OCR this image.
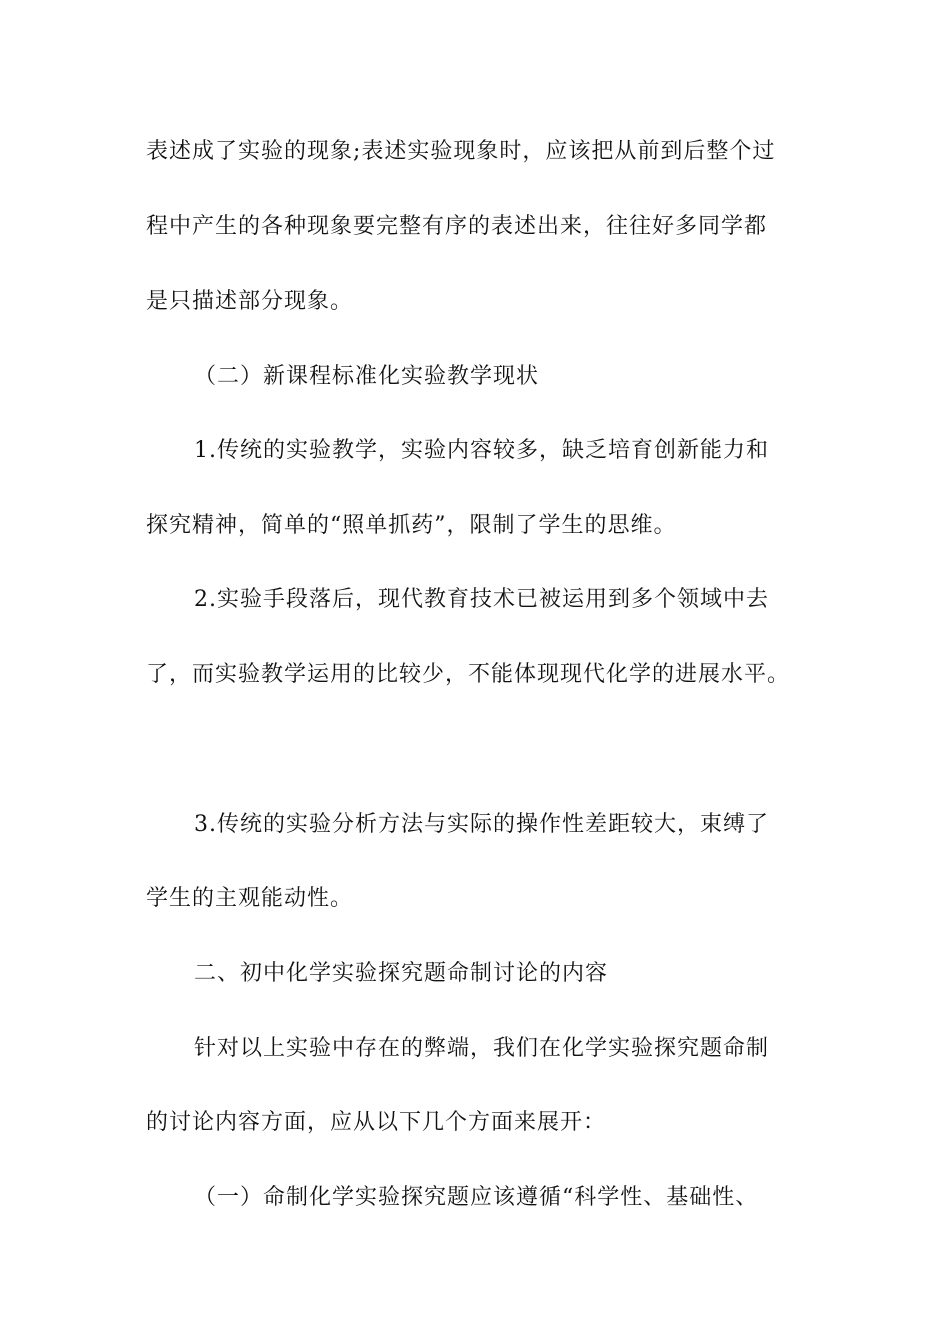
表述成了实验的现象;表述实验现象时，应该把从前到后整个过
程中产生的各种现象要完整有序的表述出来，往往好多同学都
是只描述部分现象。
（二）新课程标准化实验教学现状
1.传统的实验教学，实验内容较多，缺乏培育创新能力和
探究精神，简单的“照单抓药”，限制了学生的思维。
2.实验手段落后，现代教育技术已被运用到多个领域中去
了，而实验教学运用的比较少，不能体现现代化学的进展水平。
3.传统的实验分析方法与实际的操作性差距较大，束缚了
学生的主观能动性。
二、初中化学实验探究题命制讨论的内容
针对以上实验中存在的弊端，我们在化学实验探究题命制
的讨论内容方面，应从以下几个方面来展开：
（一）命制化学实验探究题应该遵循“科学性、基础性、
